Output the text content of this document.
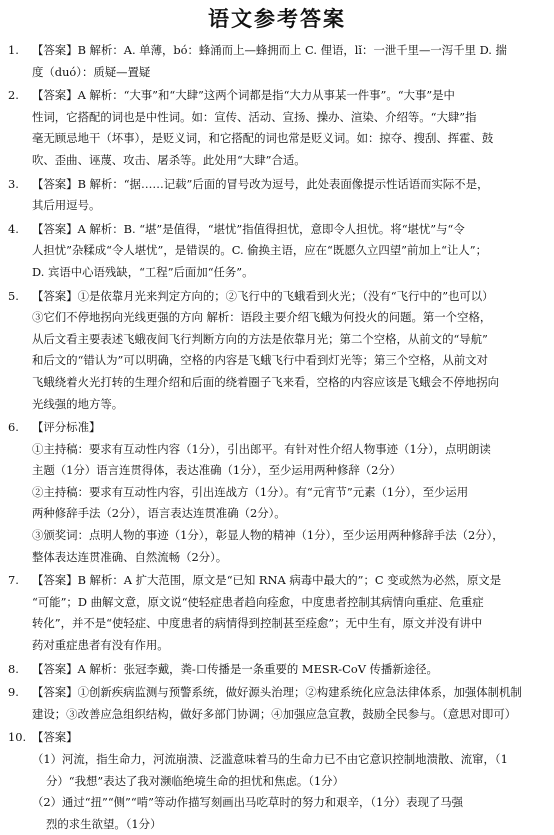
语文参考答案
1.	【答案】B 解析：A. 单薄，bó：蜂涌而上—蜂拥而上 C. 俚语，lǐ：一泄千里—一泻千里 D. 揣
度（duó）：质疑—置疑
2.	【答案】A 解析：“大事”和“大肆”这两个词都是指“大力从事某一件事”。“大事”是中
性词，它搭配的词也是中性词。如：宣传、活动、宣扬、操办、渲染、介绍等。“大肆”指
毫无顾忌地干（坏事），是贬义词，和它搭配的词也常是贬义词。如：掠夺、搜刮、挥霍、鼓
吹、歪曲、诬蔑、攻击、屠杀等。此处用“大肆”合适。
3.	【答案】B 解析：“据……记载”后面的冒号改为逗号，此处表面像提示性话语而实际不是，
其后用逗号。
4.	【答案】A 解析：B. “堪”是值得，“堪忧”指值得担忧，意即令人担忧。将“堪忧”与“令
人担忧”杂糅成“令人堪忧”，是错误的。C. 偷换主语，应在“既愿久立四望”前加上“让人”；
D. 宾语中心语残缺，“工程”后面加“任务”。
5.	【答案】①是依靠月光来判定方向的；②飞行中的飞蛾看到火光；（没有“飞行中的”也可以）
③它们不停地拐向光线更强的方向 解析：语段主要介绍飞蛾为何投火的问题。第一个空格，
从后文看主要表述飞蛾夜间飞行判断方向的方法是依靠月光；第二个空格，从前文的“导航”
和后文的“错认为”可以明确，空格的内容是飞蛾飞行中看到灯光等；第三个空格，从前文对
飞蛾绕着火光打转的生理介绍和后面的绕着圈子飞来看，空格的内容应该是飞蛾会不停地拐向
光线强的地方等。
6.	【评分标准】
①主持稿：要求有互动性内容（1分），引出郎平。有针对性介绍人物事迹（1分），点明朗读
主题（1分）语言连贯得体，表达准确（1分），至少运用两种修辞（2分）
②主持稿：要求有互动性内容，引出连战方（1分）。有“元宵节”元素（1分），至少运用
两种修辞手法（2分），语言表达连贯准确（2分）。
③颁奖词：点明人物的事迹（1分），彰显人物的精神（1分），至少运用两种修辞手法（2分），
整体表达连贯准确、自然流畅（2分）。
7.	【答案】B 解析：A 扩大范围，原文是“已知 RNA 病毒中最大的”；C 变或然为必然，原文是
“可能”；D 曲解文意，原文说“使轻症患者趋向痊愈，中度患者控制其病情向重症、危重症
转化”，并不是“使轻症、中度患者的病情得到控制甚至痊愈”；无中生有，原文并没有讲中
药对重症患者有没有作用。
8.	【答案】A 解析：张冠李戴，粪-口传播是一条重要的 MESR-CoV 传播新途径。
9.	【答案】①创新疾病监测与预警系统，做好源头治理；②构建系统化应急法律体系，加强体制机制
建设；③改善应急组织结构，做好多部门协调；④加强应急宣教，鼓励全民参与。（意思对即可）
10. 【答案】
（1）河流，指生命力，河流崩溃、泛滥意味着马的生命力已不由它意识控制地溃散、流窜，（1
分）“我想”表达了我对濒临绝境生命的担忧和焦虑。（1分）
（2）通过“扭”“侧”“啃”等动作描写刻画出马吃草时的努力和艰辛，（1分）表现了马强
烈的求生欲望。（1分）
